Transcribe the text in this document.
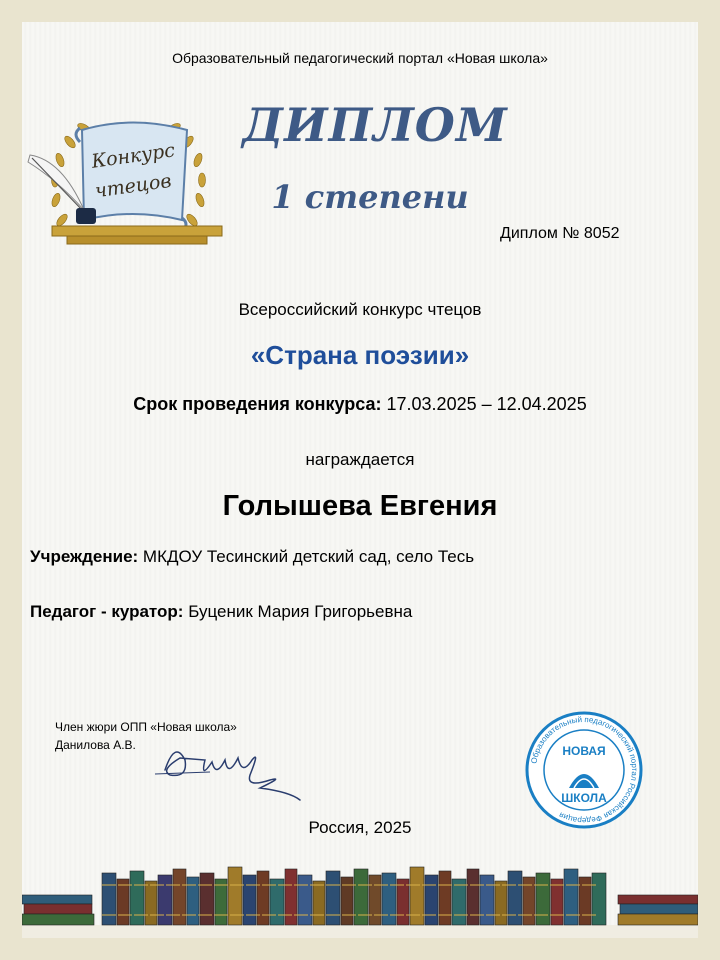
Образовательный педагогический портал «Новая школа»
Конкурс
чтецов
ДИПЛОМ
1 степени
Диплом № 8052
Всероссийский конкурс чтецов
«Страна поэзии»
Срок проведения конкурса: 17.03.2025 – 12.04.2025
награждается
Голышева Евгения
Учреждение: МКДОУ Тесинский детский сад, село Тесь
Педагог - куратор: Буценик Мария Григорьевна
Член жюри ОПП «Новая школа»
Данилова А.В.
Образовательный педагогический портал Российская Федерация
НОВАЯ
ШКОЛА
Россия, 2025
